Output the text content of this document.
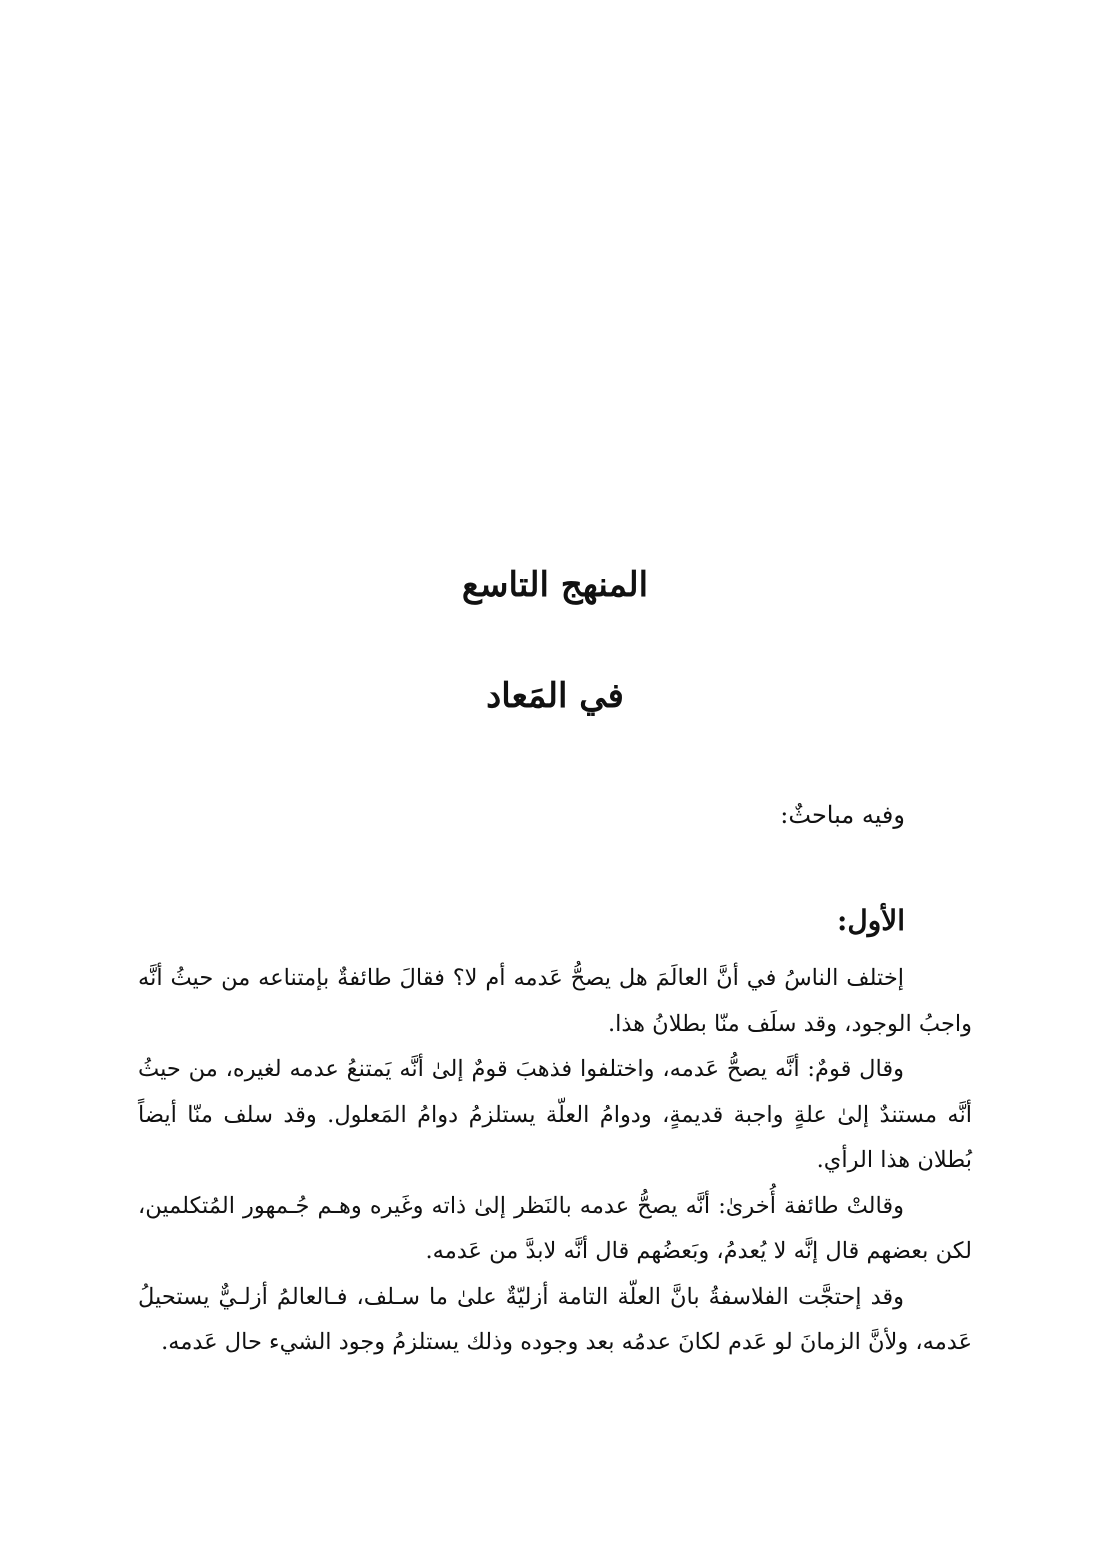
المنهج التاسع
في المَعاد
وفيه مباحثٌ:
الأول:

إختلف الناسُ في أنَّ العالَمَ هل يصحُّ عَدمه أم لا؟ فقالَ طائفةٌ بإمتناعه من حيثُ أنَّه واجبُ الوجود، وقد سلَف منّا بطلانُ هذا.

وقال قومٌ: أنَّه يصحُّ عَدمه، واختلفوا فذهبَ قومٌ إلىٰ أنَّه يَمتنعُ عدمه لغيره، من حيثُ أنَّه مستندٌ إلىٰ علةٍ واجبة قديمةٍ، ودوامُ العلّة يستلزمُ دوامُ المَعلول. وقد سلف منّا أيضاً بُطلان هذا الرأي.

وقالتْ طائفة أُخرىٰ: أنَّه يصحُّ عدمه بالنَظر إلىٰ ذاته وغَيره وهـم جُـمهور المُتكلمين، لكن بعضهم قال إنَّه لا يُعدمُ، وبَعضُهم قال أنَّه لابدَّ من عَدمه.

وقد إحتجَّت الفلاسفةُ بانَّ العلّة التامة أزليّةٌ علىٰ ما سـلف، فـالعالمُ أزلـيٌّ يستحيلُ عَدمه، ولأنَّ الزمانَ لو عَدم لكانَ عدمُه بعد وجوده وذلك يستلزمُ وجود الشيء حال عَدمه.
